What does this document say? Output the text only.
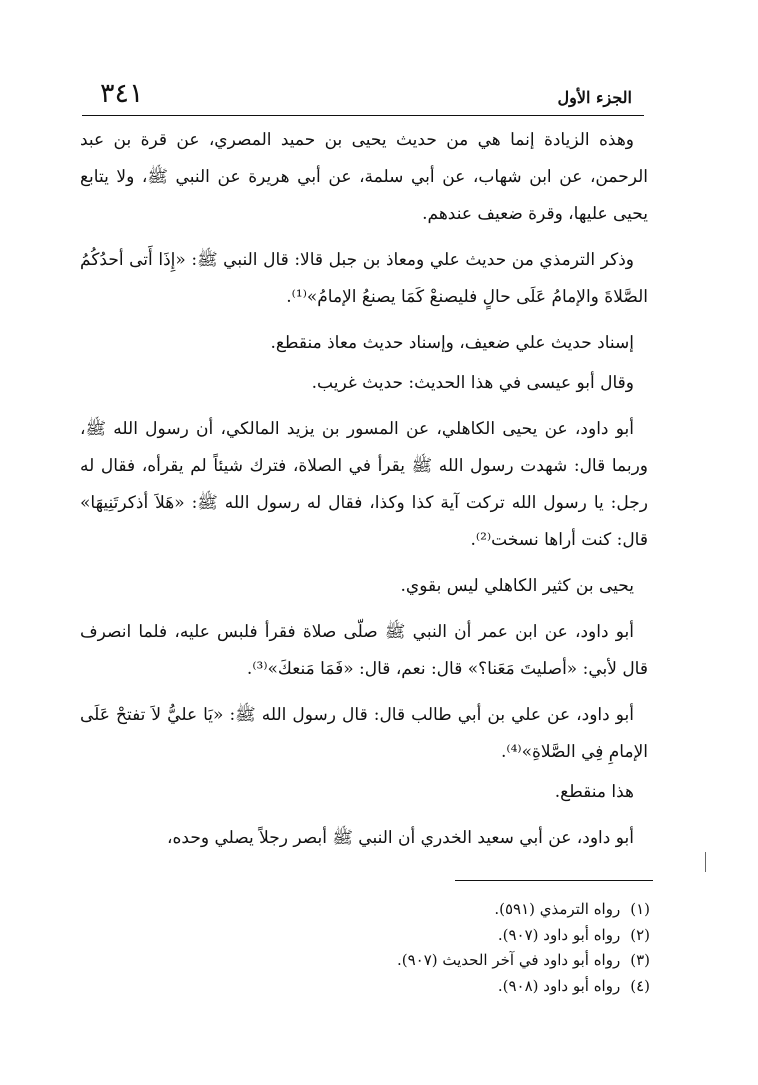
الجزء الأول
٣٤١

وهذه الزيادة إنما هي من حديث يحيى بن حميد المصري، عن قرة بن عبد الرحمن، عن ابن شهاب، عن أبي سلمة، عن أبي هريرة عن النبي ﷺ، ولا يتابع يحيى عليها، وقرة ضعيف عندهم.

وذكر الترمذي من حديث علي ومعاذ بن جبل قالا: قال النبي ﷺ: «إِذَا أَتى أحدُكُمُ الصَّلاةَ والإمامُ عَلَى حالٍ فليصنعْ كَمَا يصنعُ الإمامُ»⁽¹⁾.

إسناد حديث علي ضعيف، وإسناد حديث معاذ منقطع.

وقال أبو عيسى في هذا الحديث: حديث غريب.

أبو داود، عن يحيى الكاهلي، عن المسور بن يزيد المالكي، أن رسول الله ﷺ، وربما قال: شهدت رسول الله ﷺ يقرأ في الصلاة، فترك شيئاً لم يقرأه، فقال له رجل: يا رسول الله تركت آية كذا وكذا، فقال له رسول الله ﷺ: «هَلاَ أذكرتَنِيهَا» قال: كنت أراها نسخت⁽²⁾.

يحيى بن كثير الكاهلي ليس بقوي.

أبو داود، عن ابن عمر أن النبي ﷺ صلّى صلاة فقرأ فلبس عليه، فلما انصرف قال لأبي: «أصليتَ مَعَنا؟» قال: نعم، قال: «فَمَا مَنعكَ»⁽³⁾.

أبو داود، عن علي بن أبي طالب قال: قال رسول الله ﷺ: «يَا عليُّ لاَ تفتحْ عَلَى الإمامِ فِي الصَّلاةِ»⁽⁴⁾.

هذا منقطع.

أبو داود، عن أبي سعيد الخدري أن النبي ﷺ أبصر رجلاً يصلي وحده،

(١)رواه الترمذي (٥٩١).

(٢)رواه أبو داود (٩٠٧).

(٣)رواه أبو داود في آخر الحديث (٩٠٧).

(٤)رواه أبو داود (٩٠٨).
